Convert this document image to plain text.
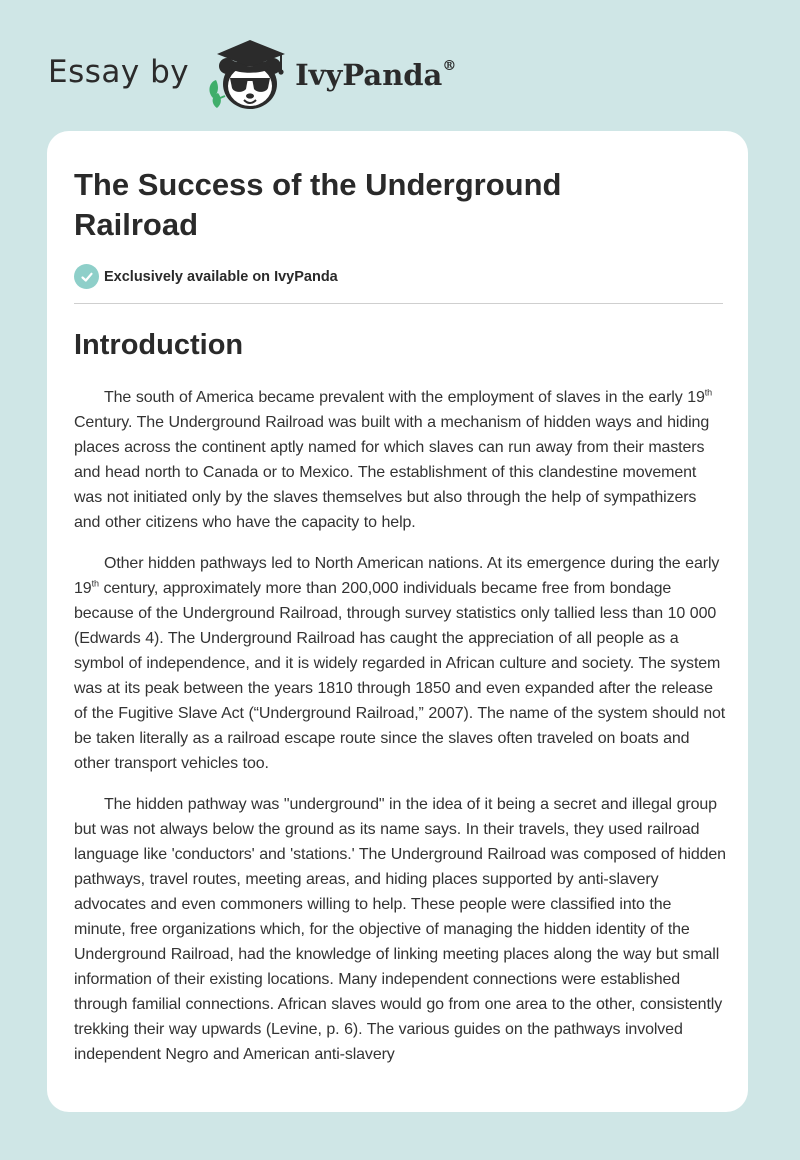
Essay by	IvyPanda®
The Success of the Underground Railroad
Exclusively available on IvyPanda
Introduction

The south of America became prevalent with the employment of slaves in the early 19th Century. The Underground Railroad was built with a mechanism of hidden ways and hiding places across the continent aptly named for which slaves can run away from their masters and head north to Canada or to Mexico. The establishment of this clandestine movement was not initiated only by the slaves themselves but also through the help of sympathizers and other citizens who have the capacity to help.

Other hidden pathways led to North American nations. At its emergence during the early 19th century, approximately more than 200,000 individuals became free from bondage because of the Underground Railroad, through survey statistics only tallied less than 10 000 (Edwards 4). The Underground Railroad has caught the appreciation of all people as a symbol of independence, and it is widely regarded in African culture and society. The system was at its peak between the years 1810 through 1850 and even expanded after the release of the Fugitive Slave Act (“Underground Railroad,” 2007). The name of the system should not be taken literally as a railroad escape route since the slaves often traveled on boats and other transport vehicles too.

The hidden pathway was "underground" in the idea of it being a secret and illegal group but was not always below the ground as its name says. In their travels, they used railroad language like 'conductors' and 'stations.' The Underground Railroad was composed of hidden pathways, travel routes, meeting areas, and hiding places supported by anti-slavery advocates and even commoners willing to help. These people were classified into the minute, free organizations which, for the objective of managing the hidden identity of the Underground Railroad, had the knowledge of linking meeting places along the way but small information of their existing locations. Many independent connections were established through familial connections. African slaves would go from one area to the other, consistently trekking their way upwards (Levine, p. 6). The various guides on the pathways involved independent Negro and American anti-slavery
